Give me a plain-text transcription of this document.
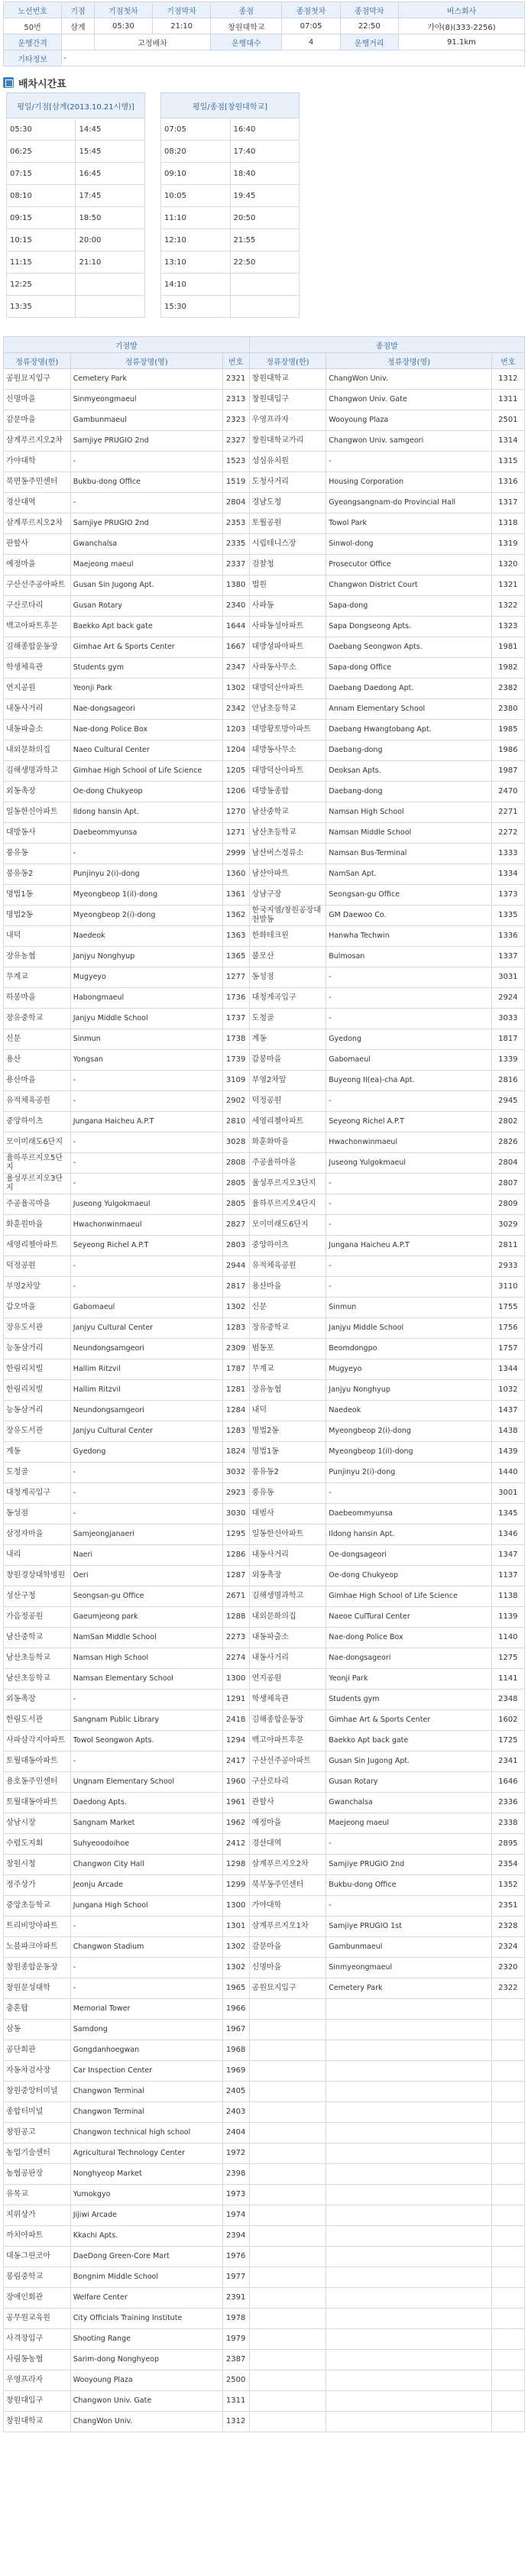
노선번호	기점	기점첫차	기점막차	종점	종점첫차	종점막차	버스회사
50번	삼계	05:30	21:10	창원대학교	07:05	22:50	가야(8)(333-2256)
운행간격		고정배차		운행대수	4	운행거리	91.1km
기타정보	-						
배차시간표
평일/기점[삼계(2013.10.21시행)]	
05:30	14:45
06:25	15:45
07:15	16:45
08:10	17:45
09:15	18:50
10:15	20:00
11:15	21:10
12:25	
13:35	
평일/종점[창원대학교]	
07:05	16:40
08:20	17:40
09:10	18:40
10:05	19:45
11:10	20:50
12:10	21:55
13:10	22:50
14:10	
15:30	
기점발			종점발		
정류장명(한)	정류장명(영)	번호	정류장명(한)	정류장명(영)	번호
공원묘지입구	Cemetery Park	2321	창원대학교	ChangWon Univ.	1312
신명마을	Sinmyeongmaeul	2313	창원대입구	Changwon Univ. Gate	1311
감문마을	Gambunmaeul	2323	우영프라자	Wooyoung Plaza	2501
삼계푸르지오2차	Samjiye PRUGIO 2nd	2327	창원대학교가리	Changwon Univ. samgeori	1314
가야대학	-	1523	성심유치원	-	1315
북면동주민센터	Bukbu-dong Office	1519	도청사거리	Housing Corporation	1316
경산대역	-	2804	경남도청	Gyeongsangnam-do Provincial Hall	1317
삼계푸르지오2차	Samjiye PRUGIO 2nd	2353	토월공원	Towol Park	1318
관할사	Gwanchalsa	2335	시립테니스장	Sinwol-dong	1319
예정마을	Maejeong maeul	2337	검찰청	Prosecutor Office	1320
구산선주공아파트	Gusan Sin Jugong Apt.	1380	법원	Changwon District Court	1321
구산로타리	Gusan Rotary	2340	사파동	Sapa-dong	1322
백고아파트후문	Baekko Apt back gate	1644	사파동성아파트	Sapa Dongseong Apts.	1323
김해종합운동장	Gimhae Art & Sports Center	1667	대방성파아파트	Daebang Seongwon Apts.	1981
학생체육관	Students gym	2347	사파동사무소	Sapa-dong Office	1982
연지공원	Yeonji Park	1302	대방덕산아파트	Daebang Daedong Apt.	2382
내동사거리	Nae-dongsageori	2342	안남초등학교	Annam Elementary School	2380
내동파출소	Nae-dong Police Box	1203	대방황토방아파트	Daebang Hwangtobang Apt.	1985
내외문화의집	Naeo Cultural Center	1204	대방동사무소	Daebang-dong	1986
김해생명과학고	Gimhae High School of Life Science	1205	대방덕산아파트	Deoksan Apts.	1987
외동촉장	Oe-dong Chukyeop	1206	대방동종합	Daebang-dong	2470
일동한신아파트	Ildong hansin Apt.	1270	남산중학교	Namsan High School	2271
대방동사	Daebeommyunsa	1271	남산초등학교	Namsan Middle School	2272
풍유동	-	2999	남산버스정류소	Namsan Bus-Terminal	1333
풍유동2	Punjinyu 2(i)-dong	1360	남산아파트	NamSan Apt.	1334
명법1동	Myeongbeop 1(il)-dong	1361	상남구장	Seongsan-gu Office	1373
명법2동	Myeongbeop 2(i)-dong	1362	한국지엠/창원공장대천발동	GM Daewoo Co.	1335
내덕	Naedeok	1363	한화테크윈	Hanwha Techwin	1336
장유농협	Janjyu Nonghyup	1365	불모산	Bulmosan	1337
무계교	Mugyeyo	1277	동성점	-	3031
하봉마을	Habongmaeul	1736	대청계곡입구	-	2924
장유중학교	Janjyu Middle School	1737	도청골	-	3033
신문	Sinmun	1738	계동	Gyedong	1817
용산	Yongsan	1739	갑봉마을	Gabomaeul	1339
용산마을	-	3109	부영2차앞	Buyeong II(ea)-cha Apt.	2816
유적체육공원	-	2902	덕정공원	-	2945
중앙하이츠	Jungana Haicheu A.P.T	2810	세영리첼아파트	Seyeong Richel A.P.T	2802
모이미래도6단지	-	3028	화훈화마을	Hwachonwinmaeul	2826
율하푸르지오5단지	-	2808	주공율하마을	Juseong Yulgokmaeul	2804
율성푸르지오3단지	-	2805	율성푸르지오3단지	-	2807
주공율곡마을	Juseong Yulgokmaeul	2805	율하푸르지오4단지	-	2809
화훈원마을	Hwachonwinmaeul	2827	모이미래도6단지	-	3029
세영리첼아파트	Seyeong Richel A.P.T	2803	중앙하이츠	Jungana Haicheu A.P.T	2811
덕정공원	-	2944	유적체육공원	-	2933
부영2차앞	-	2817	용산마을	-	3110
갑오마을	Gabomaeul	1302	신문	Sinmun	1755
장유도서관	Janjyu Cultural Center	1283	장유중학교	Janjyu Middle School	1756
능동삼거리	Neundongsamgeori	2309	범동포	Beomdongpo	1757
한림리치빌	Hallim Ritzvil	1787	무계교	Mugyeyo	1344
한림리치빌	Hallim Ritzvil	1281	장유농협	Janjyu Nonghyup	1032
능동삼거리	Neundongsamgeori	1284	내덕	Naedeok	1437
장유도서관	Janjyu Cultural Center	1283	명법2동	Myeongbeop 2(i)-dong	1438
계동	Gyedong	1824	명법1동	Myeongbeop 1(il)-dong	1439
도청골	-	3032	풍유동2	Punjinyu 2(i)-dong	1440
대청계곡입구	-	2923	풍유동	-	3001
동성점	-	3030	대범사	Daebeommyunsa	1345
삼정자마을	Samjeongjanaeri	1295	일동한신아파트	Ildong hansin Apt.	1346
내리	Naeri	1286	내동사거리	Oe-dongsageori	1347
창원경상대학병원	Oeri	1287	외동촉장	Oe-dong Chukyeop	1137
성산구청	Seongsan-gu Office	2671	김해생명과학고	Gimhae High School of Life Science	1138
가음정공원	Gaeumjeong park	1288	내외문화의집	Naeoe CulTural Center	1139
남산중학교	NamSan Middle School	2273	내동파출소	Nae-dong Police Box	1140
남산초등학교	Namsan High School	2274	내동사거리	Nae-dongsageori	1275
남산초등학교	Namsan Elementary School	1300	연지공원	Yeonji Park	1141
외동촉장	-	1291	학생체육관	Students gym	2348
한림도서관	Sangnam Public Library	2418	김해종합운동장	Gimhae Art & Sports Center	1602
사파삼각지아파트	Towol Seongwon Apts.	1294	백고아파트후문	Baekko Apt back gate	1725
토월대동아파트	-	2417	구산선주공아파트	Gusan Sin Jugong Apt.	2341
용호동주민센터	Ungnam Elementary School	1960	구산로타리	Gusan Rotary	1646
토월대동아파트	Daedong Apts.	1961	관할사	Gwanchalsa	2336
상남시장	Sangnam Market	1962	예정마을	Maejeong maeul	2338
수렵도지회	Suhyeoodoihoe	2412	경산대역	-	2895
창원시청	Changwon City Hall	1298	삼계푸르지오2차	Samjiye PRUGIO 2nd	2354
정주상가	Jeonju Arcade	1299	북부동주민센터	Bukbu-dong Office	1352
중앙초등학교	Jungana High School	1300	가야대학	-	2351
트리비앙아파트	-	1301	삼계푸르지오1차	Samjiye PRUGIO 1st	2328
노블파크아파트	Changwon Stadium	1302	감문마을	Gambunmaeul	2324
창원종합운동장	-	1302	신명마을	Sinmyeongmaeul	2320
창원문성대학	-	1965	공원묘지입구	Cemetery Park	2322
충혼탑	Memorial Tower	1966			
삼동	Samdong	1967			
공단회관	Gongdanhoegwan	1968			
자동차검사장	Car Inspection Center	1969			
창원중앙터미널	Changwon Terminal	2405			
종합터미널	Changwon Terminal	2403			
창원공고	Changwon technical high school	2404			
농업기술센터	Agricultural Technology Center	1972			
농협공판장	Nonghyeop Market	2398			
유목교	Yumokgyo	1973			
지위상가	Jijiwi Arcade	1974			
까치아파트	Kkachi Apts.	2394			
대동그린코아	DaeDong Green-Core Mart	1976			
봉림중학교	Bongnim Middle School	1977			
장애인회관	Welfare Center	2391			
공무원교육원	City Officials Training Institute	1978			
사격장입구	Shooting Range	1979			
사림동농협	Sarim-dong Nonghyeop	2387			
우영프라자	Wooyoung Plaza	2500			
창원대입구	Changwon Univ. Gate	1311			
창원대학교	ChangWon Univ.	1312			
